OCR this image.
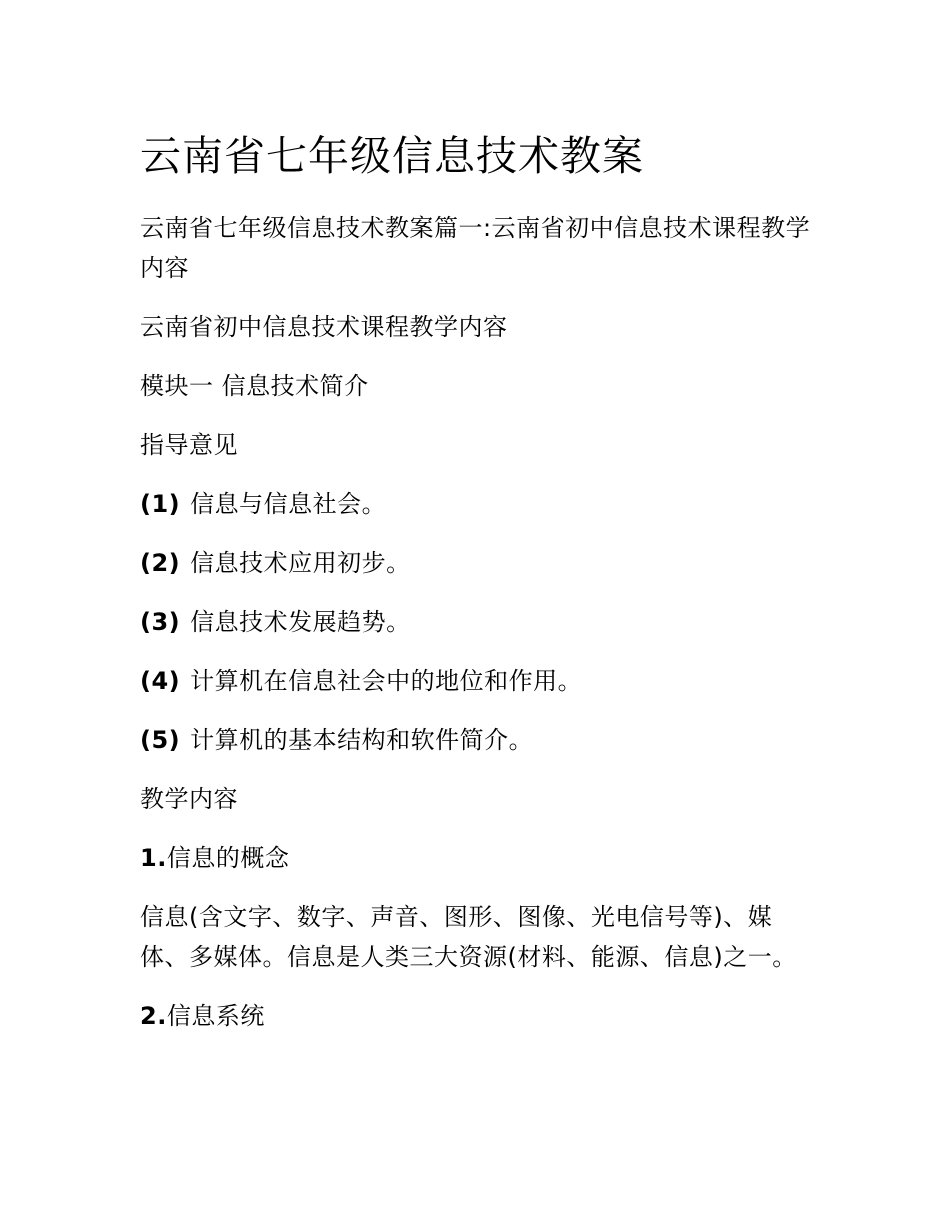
云南省七年级信息技术教案

云南省七年级信息技术教案篇一:云南省初中信息技术课程教学内容

云南省初中信息技术课程教学内容

模块一 信息技术简介

指导意见

(1) 信息与信息社会。

(2) 信息技术应用初步。

(3) 信息技术发展趋势。

(4) 计算机在信息社会中的地位和作用。

(5) 计算机的基本结构和软件简介。

教学内容

1.信息的概念

信息(含文字、数字、声音、图形、图像、光电信号等)、媒体、多媒体。信息是人类三大资源(材料、能源、信息)之一。

2.信息系统
